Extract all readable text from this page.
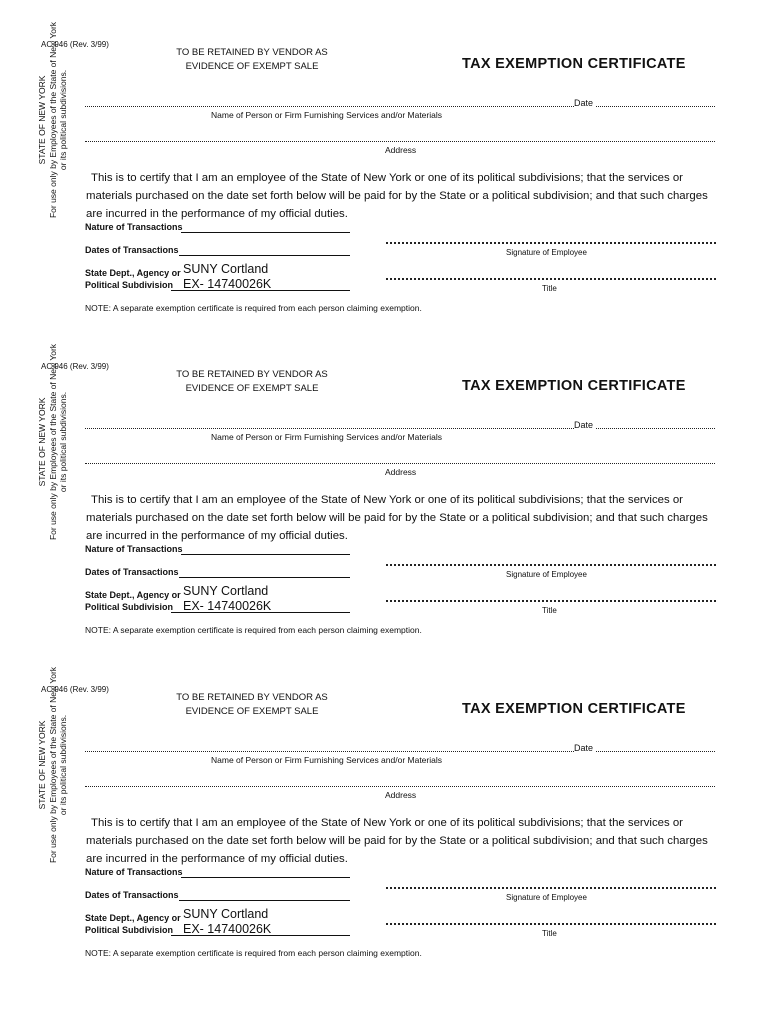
AC 946 (Rev. 3/99)
TO BE RETAINED BY VENDOR AS
EVIDENCE OF EXEMPT SALE	TAX EXEMPTION CERTIFICATE
Date
Name of Person or Firm Furnishing Services and/or Materials
Address
This is to certify that I am an employee of the State of New York or one of its political subdivisions; that the services or materials purchased on the date set forth below will be paid for by the State or a political subdivision; and that such charges are incurred in the performance of my official duties.
Nature of Transactions
Dates of Transactions
State Dept., Agency or
Political Subdivision
SUNY Cortland
EX- 14740026K
Signature of Employee
Title
NOTE: A separate exemption certificate is required from each person claiming exemption.
STATE OF NEW YORK For use only by Employees of the State of New York or its political subdivisions.
AC 946 (Rev. 3/99)
TO BE RETAINED BY VENDOR AS
EVIDENCE OF EXEMPT SALE	TAX EXEMPTION CERTIFICATE
Date
Name of Person or Firm Furnishing Services and/or Materials
Address
This is to certify that I am an employee of the State of New York or one of its political subdivisions; that the services or materials purchased on the date set forth below will be paid for by the State or a political subdivision; and that such charges are incurred in the performance of my official duties.
Nature of Transactions
Dates of Transactions
State Dept., Agency or
Political Subdivision
SUNY Cortland
EX- 14740026K
Signature of Employee
Title
NOTE: A separate exemption certificate is required from each person claiming exemption.
STATE OF NEW YORK For use only by Employees of the State of New York or its political subdivisions.
AC 946 (Rev. 3/99)
TO BE RETAINED BY VENDOR AS
EVIDENCE OF EXEMPT SALE	TAX EXEMPTION CERTIFICATE
Date
Name of Person or Firm Furnishing Services and/or Materials
Address
This is to certify that I am an employee of the State of New York or one of its political subdivisions; that the services or materials purchased on the date set forth below will be paid for by the State or a political subdivision; and that such charges are incurred in the performance of my official duties.
Nature of Transactions
Dates of Transactions
State Dept., Agency or
Political Subdivision
SUNY Cortland
EX- 14740026K
Signature of Employee
Title
NOTE: A separate exemption certificate is required from each person claiming exemption.
STATE OF NEW YORK For use only by Employees of the State of New York or its political subdivisions.
